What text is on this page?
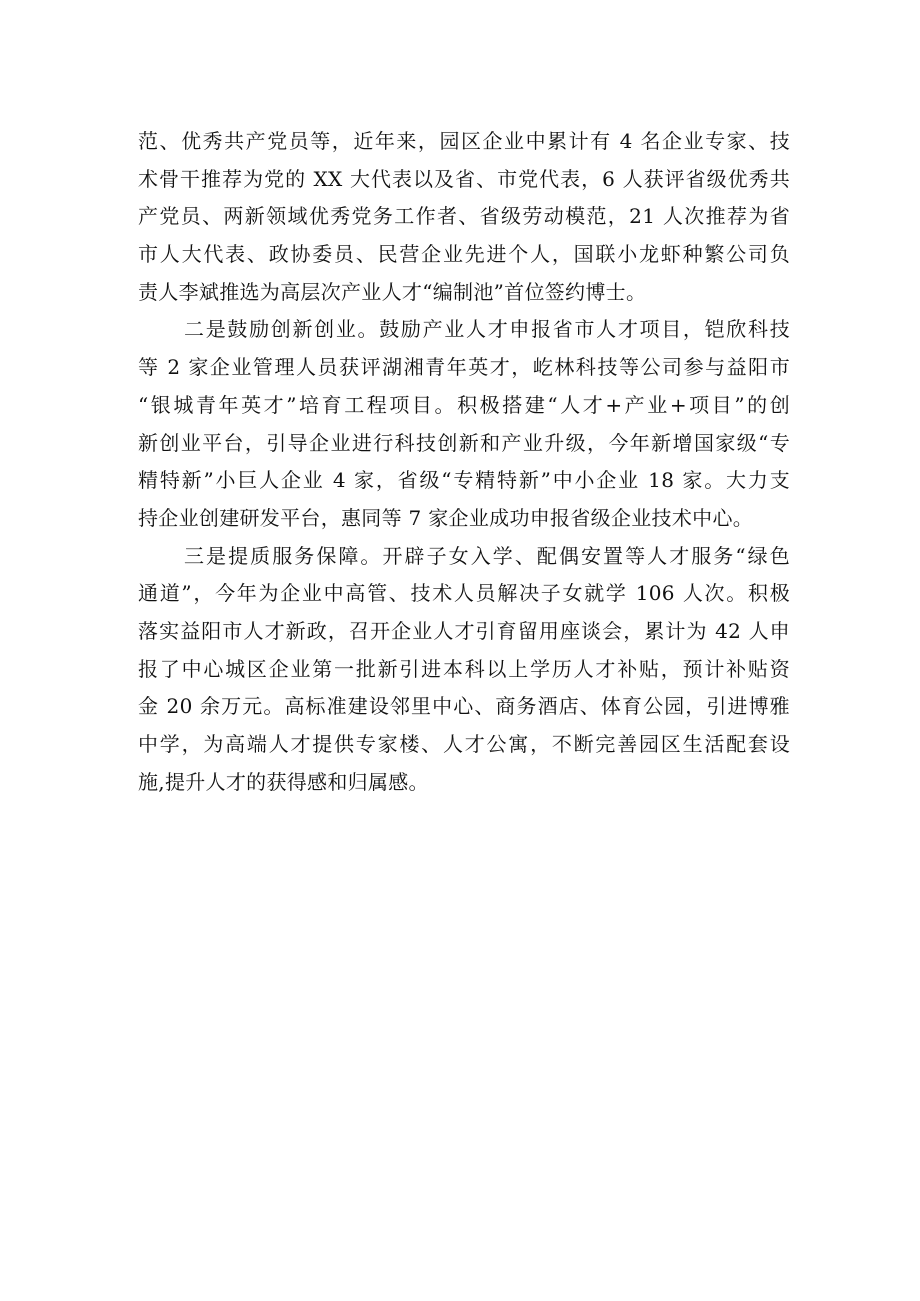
范、优秀共产党员等，近年来，园区企业中累计有 4 名企业专家、技
术骨干推荐为党的 XX 大代表以及省、市党代表，6 人获评省级优秀共
产党员、两新领域优秀党务工作者、省级劳动模范，21 人次推荐为省
市人大代表、政协委员、民营企业先进个人，国联小龙虾种繁公司负
责人李斌推选为高层次产业人才“编制池”首位签约博士。
二是鼓励创新创业。鼓励产业人才申报省市人才项目，铠欣科技
等 2 家企业管理人员获评湖湘青年英才，屹林科技等公司参与益阳市
“银城青年英才”培育工程项目。积极搭建“人才+产业+项目”的创
新创业平台，引导企业进行科技创新和产业升级，今年新增国家级“专
精特新”小巨人企业 4 家，省级“专精特新”中小企业 18 家。大力支
持企业创建研发平台，惠同等 7 家企业成功申报省级企业技术中心。
三是提质服务保障。开辟子女入学、配偶安置等人才服务“绿色
通道”，今年为企业中高管、技术人员解决子女就学 106 人次。积极
落实益阳市人才新政，召开企业人才引育留用座谈会，累计为 42 人申
报了中心城区企业第一批新引进本科以上学历人才补贴，预计补贴资
金 20 余万元。高标准建设邻里中心、商务酒店、体育公园，引进博雅
中学，为高端人才提供专家楼、人才公寓，不断完善园区生活配套设
施,提升人才的获得感和归属感。
